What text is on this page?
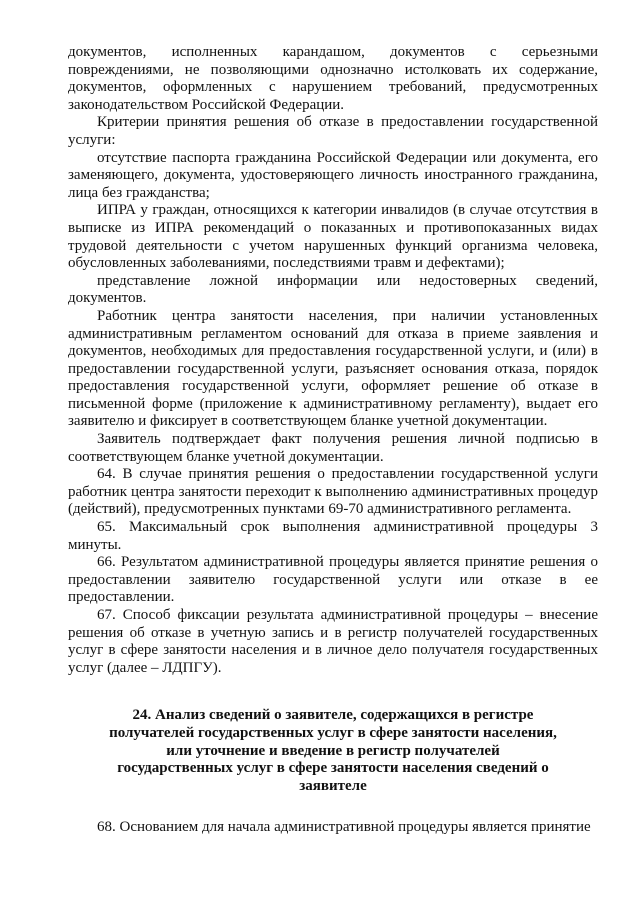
документов, исполненных карандашом, документов с серьезными повреждениями, не позволяющими однозначно истолковать их содержание, документов, оформленных с нарушением требований, предусмотренных законодательством Российской Федерации.

Критерии принятия решения об отказе в предоставлении государственной услуги:

отсутствие паспорта гражданина Российской Федерации или документа, его заменяющего, документа, удостоверяющего личность иностранного гражданина, лица без гражданства;

ИПРА у граждан, относящихся к категории инвалидов (в случае отсутствия в выписке из ИПРА рекомендаций о показанных и противопоказанных видах трудовой деятельности с учетом нарушенных функций организма человека, обусловленных заболеваниями, последствиями травм и дефектами);

представление ложной информации или недостоверных сведений, документов.

Работник центра занятости населения, при наличии установленных административным регламентом оснований для отказа в приеме заявления и документов, необходимых для предоставления государственной услуги, и (или) в предоставлении государственной услуги, разъясняет основания отказа, порядок предоставления государственной услуги, оформляет решение об отказе в письменной форме (приложение к административному регламенту), выдает его заявителю и фиксирует в соответствующем бланке учетной документации.

Заявитель подтверждает факт получения решения личной подписью в соответствующем бланке учетной документации.

64. В случае принятия решения о предоставлении государственной услуги работник центра занятости переходит к выполнению административных процедур (действий), предусмотренных пунктами 69-70 административного регламента.

65. Максимальный срок выполнения административной процедуры 3 минуты.

66. Результатом административной процедуры является принятие решения о предоставлении заявителю государственной услуги или отказе в ее предоставлении.

67. Способ фиксации результата административной процедуры – внесение решения об отказе в учетную запись и в регистр получателей государственных услуг в сфере занятости населения и в личное дело получателя государственных услуг (далее – ЛДПГУ).

24. Анализ сведений о заявителе, содержащихся в регистре получателей государственных услуг в сфере занятости населения, или уточнение и введение в регистр получателей государственных услуг в сфере занятости населения сведений о заявителе

68. Основанием для начала административной процедуры является принятие
